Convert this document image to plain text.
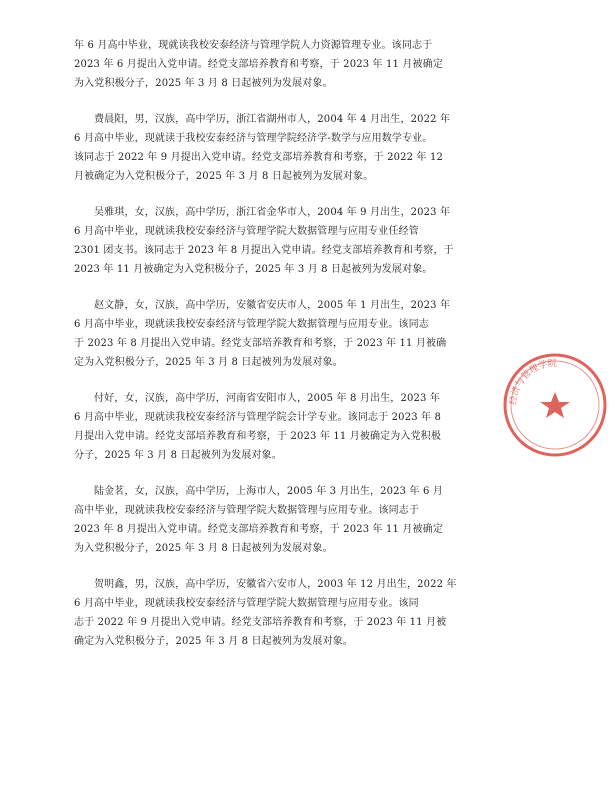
年 6 月高中毕业，现就读我校安泰经济与管理学院人力资源管理专业。该同志于
2023 年 6 月提出入党申请。经党支部培养教育和考察，于 2023 年 11 月被确定
为入党积极分子，2025 年 3 月 8 日起被列为发展对象。

费晨阳，男，汉族，高中学历，浙江省湖州市人，2004 年 4 月出生，2022 年
6 月高中毕业，现就读于我校安泰经济与管理学院经济学-数学与应用数学专业。
该同志于 2022 年 9 月提出入党申请。经党支部培养教育和考察，于 2022 年 12
月被确定为入党积极分子，2025 年 3 月 8 日起被列为发展对象。

吴雅琪，女，汉族，高中学历，浙江省金华市人，2004 年 9 月出生，2023 年
6 月高中毕业，现就读我校安泰经济与管理学院大数据管理与应用专业任经管
2301 团支书。该同志于 2023 年 8 月提出入党申请。经党支部培养教育和考察，于
2023 年 11 月被确定为入党积极分子，2025 年 3 月 8 日起被列为发展对象。

赵文静，女，汉族，高中学历，安徽省安庆市人，2005 年 1 月出生，2023 年
6 月高中毕业，现就读我校安泰经济与管理学院大数据管理与应用专业。该同志
于 2023 年 8 月提出入党申请。经党支部培养教育和考察，于 2023 年 11 月被确
定为入党积极分子，2025 年 3 月 8 日起被列为发展对象。

付好，女，汉族，高中学历，河南省安阳市人，2005 年 8 月出生，2023 年
6 月高中毕业，现就读我校安泰经济与管理学院会计学专业。该同志于 2023 年 8
月提出入党申请。经党支部培养教育和考察，于 2023 年 11 月被确定为入党积极
分子，2025 年 3 月 8 日起被列为发展对象。

陆金茗，女，汉族，高中学历，上海市人，2005 年 3 月出生，2023 年 6 月
高中毕业，现就读我校安泰经济与管理学院大数据管理与应用专业。该同志于
2023 年 8 月提出入党申请。经党支部培养教育和考察，于 2023 年 11 月被确定
为入党积极分子，2025 年 3 月 8 日起被列为发展对象。

贺明鑫，男，汉族，高中学历，安徽省六安市人，2003 年 12 月出生，2022 年
6 月高中毕业，现就读我校安泰经济与管理学院大数据管理与应用专业。该同
志于 2022 年 9 月提出入党申请。经党支部培养教育和考察，于 2023 年 11 月被
确定为入党积极分子，2025 年 3 月 8 日起被列为发展对象。

经济与管理学院
